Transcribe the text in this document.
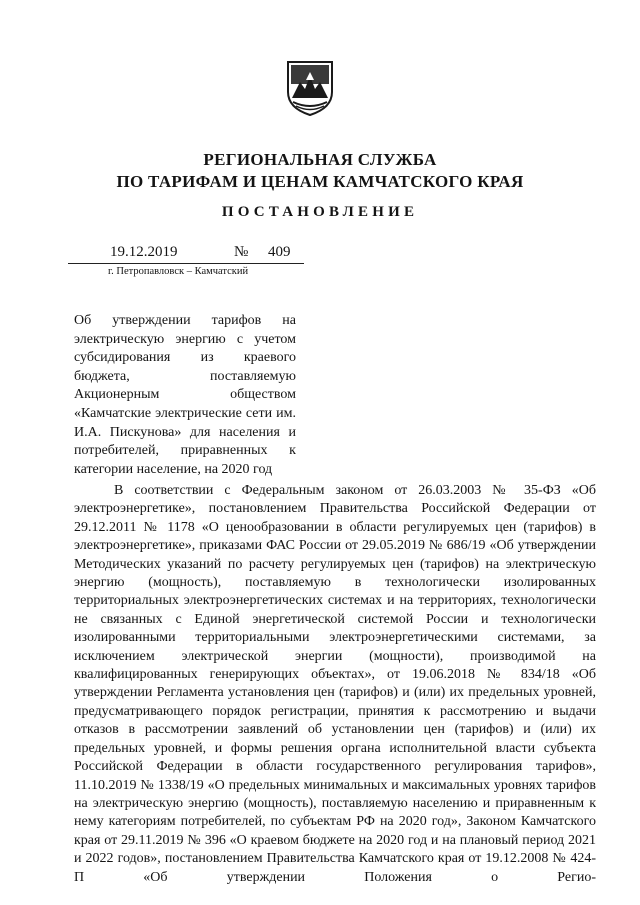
РЕГИОНАЛЬНАЯ СЛУЖБА
ПО ТАРИФАМ И ЦЕНАМ КАМЧАТСКОГО КРАЯ
ПОСТАНОВЛЕНИЕ
19.12.2019	№ 409
г. Петропавловск – Камчатский
Об утверждении тарифов на электрическую энергию с учетом субсидирования из краевого бюджета, поставляемую Акционерным обществом «Камчатские электрические сети им. И.А. Пискунова» для населения и потребителей, приравненных к категории население, на 2020 год

В соответствии с Федеральным законом от 26.03.2003 № 35-ФЗ «Об электроэнергетике», постановлением Правительства Российской Федерации от 29.12.2011 № 1178 «О ценообразовании в области регулируемых цен (тарифов) в электроэнергетике», приказами ФАС России от 29.05.2019 № 686/19 «Об утверждении Методических указаний по расчету регулируемых цен (тарифов) на электрическую энергию (мощность), поставляемую в технологически изолированных территориальных электроэнергетических системах и на территориях, технологически не связанных с Единой энергетической системой России и технологически изолированными территориальными электроэнергетическими системами, за исключением электрической энергии (мощности), производимой на квалифицированных генерирующих объектах», от 19.06.2018 № 834/18 «Об утверждении Регламента установления цен (тарифов) и (или) их предельных уровней, предусматривающего порядок регистрации, принятия к рассмотрению и выдачи отказов в рассмотрении заявлений об установлении цен (тарифов) и (или) их предельных уровней, и формы решения органа исполнительной власти субъекта Российской Федерации в области государственного регулирования тарифов», 11.10.2019 № 1338/19 «О предельных минимальных и максимальных уровнях тарифов на электрическую энергию (мощность), поставляемую населению и приравненным к нему категориям потребителей, по субъектам РФ на 2020 год», Законом Камчатского края от 29.11.2019 № 396 «О краевом бюджете на 2020 год и на плановый период 2021 и 2022 годов», постановлением Правительства Камчатского края от 19.12.2008 № 424-П «Об утверждении Положения о Регио-
